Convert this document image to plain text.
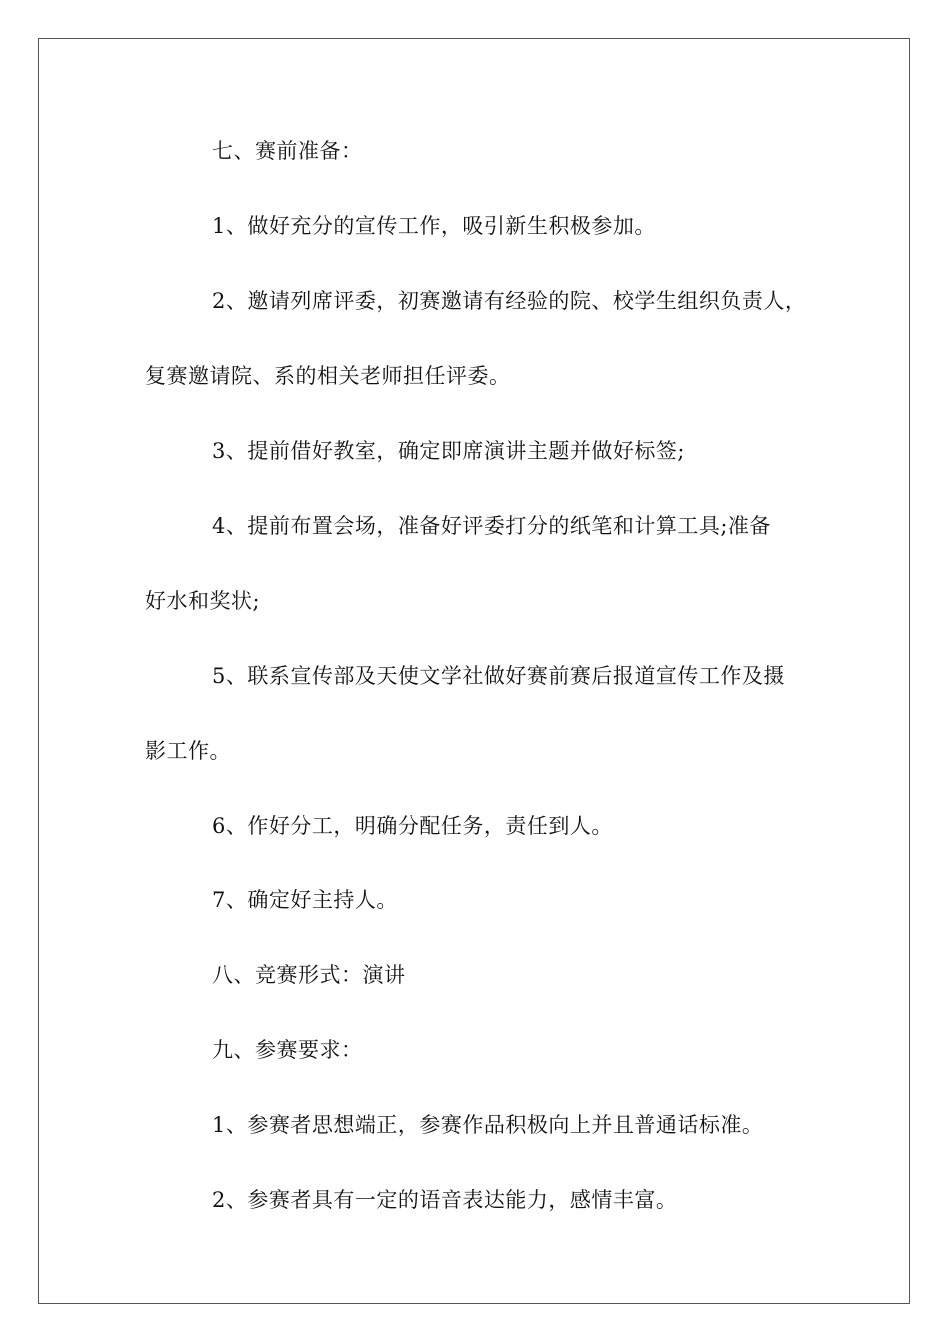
七、赛前准备：
1、做好充分的宣传工作，吸引新生积极参加。
2、邀请列席评委，初赛邀请有经验的院、校学生组织负责人，
复赛邀请院、系的相关老师担任评委。
3、提前借好教室，确定即席演讲主题并做好标签;
4、提前布置会场，准备好评委打分的纸笔和计算工具;准备
好水和奖状;
5、联系宣传部及天使文学社做好赛前赛后报道宣传工作及摄
影工作。
6、作好分工，明确分配任务，责任到人。
7、确定好主持人。
八、竞赛形式：演讲
九、参赛要求：
1、参赛者思想端正，参赛作品积极向上并且普通话标准。
2、参赛者具有一定的语音表达能力，感情丰富。
